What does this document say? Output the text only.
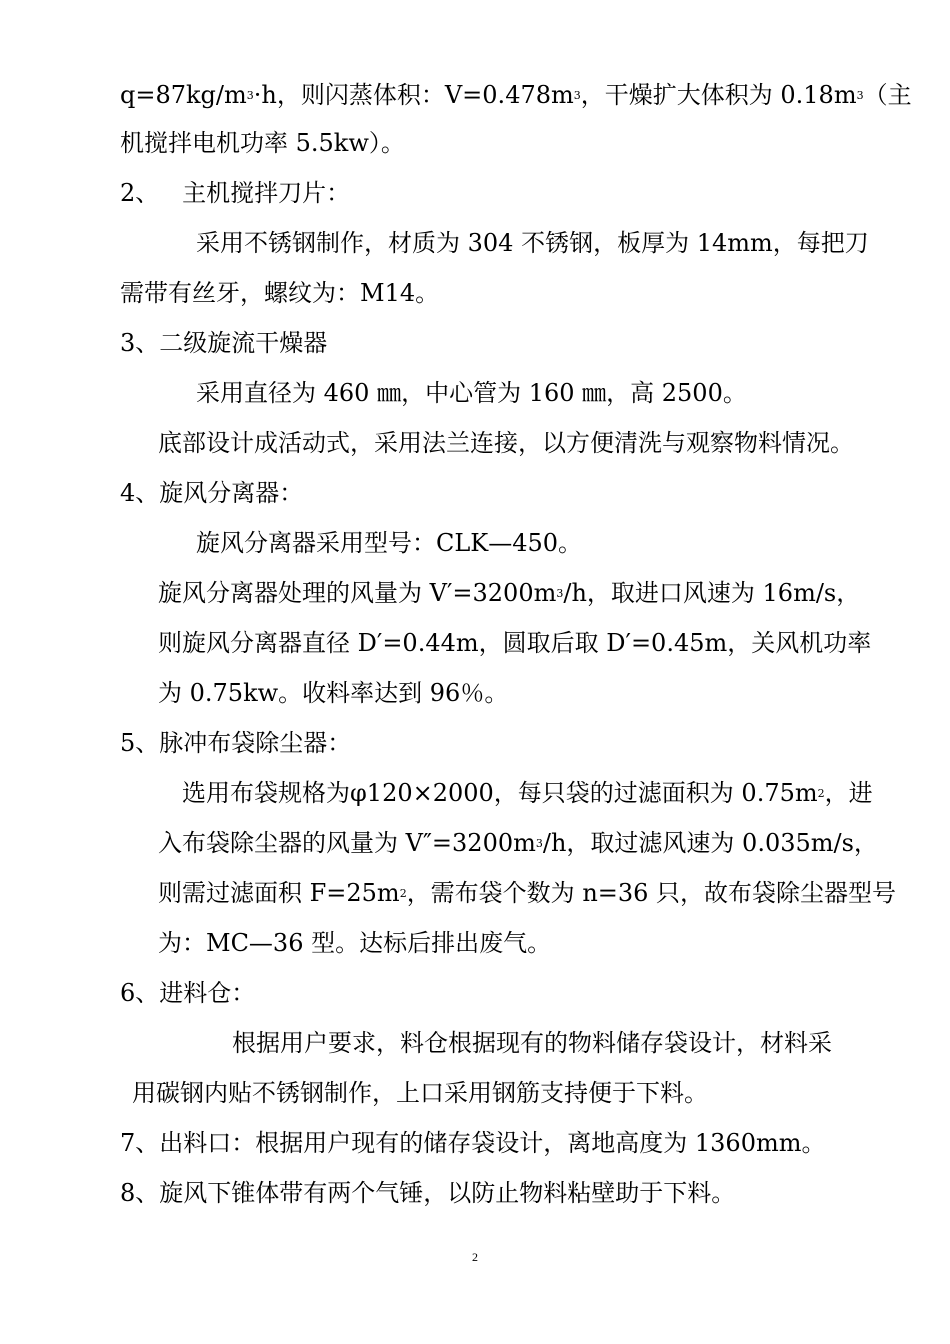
$q=87kg/m^3\cdot h$，则闪蒸体积：$V=0.478m^3$，干燥扩大体积为 $0.18m^3$（主
机搅拌电机功率 5.5kw）。
2、   主机搅拌刀片：
采用不锈钢制作，材质为 304 不锈钢，板厚为 14mm，每把刀
需带有丝牙，螺纹为：M14。
3、二级旋流干燥器
采用直径为 460 ㎜，中心管为 160 ㎜，高 2500。
底部设计成活动式，采用法兰连接，以方便清洗与观察物料情况。
4、旋风分离器：
旋风分离器采用型号：CLK—450。
旋风分离器处理的风量为 $V'=3200m^3/h$，取进口风速为 16m/s，
则旋风分离器直径 D′=0.44m，圆取后取 D′=0.45m，关风机功率
为 0.75kw。收料率达到 96％。
5、脉冲布袋除尘器：
选用布袋规格为φ120×2000，每只袋的过滤面积为 $0.75m^2$，进
入布袋除尘器的风量为 $V''=3200m^3/h$，取过滤风速为 0.035m/s，
则需过滤面积 $F=25m^2$，需布袋个数为 n=36 只，故布袋除尘器型号
为：MC—36 型。达标后排出废气。
6、进料仓：
根据用户要求，料仓根据现有的物料储存袋设计，材料采
用碳钢内贴不锈钢制作，上口采用钢筋支持便于下料。
7、出料口：根据用户现有的储存袋设计，离地高度为 1360mm。
8、旋风下锥体带有两个气锤，以防止物料粘壁助于下料。
2
